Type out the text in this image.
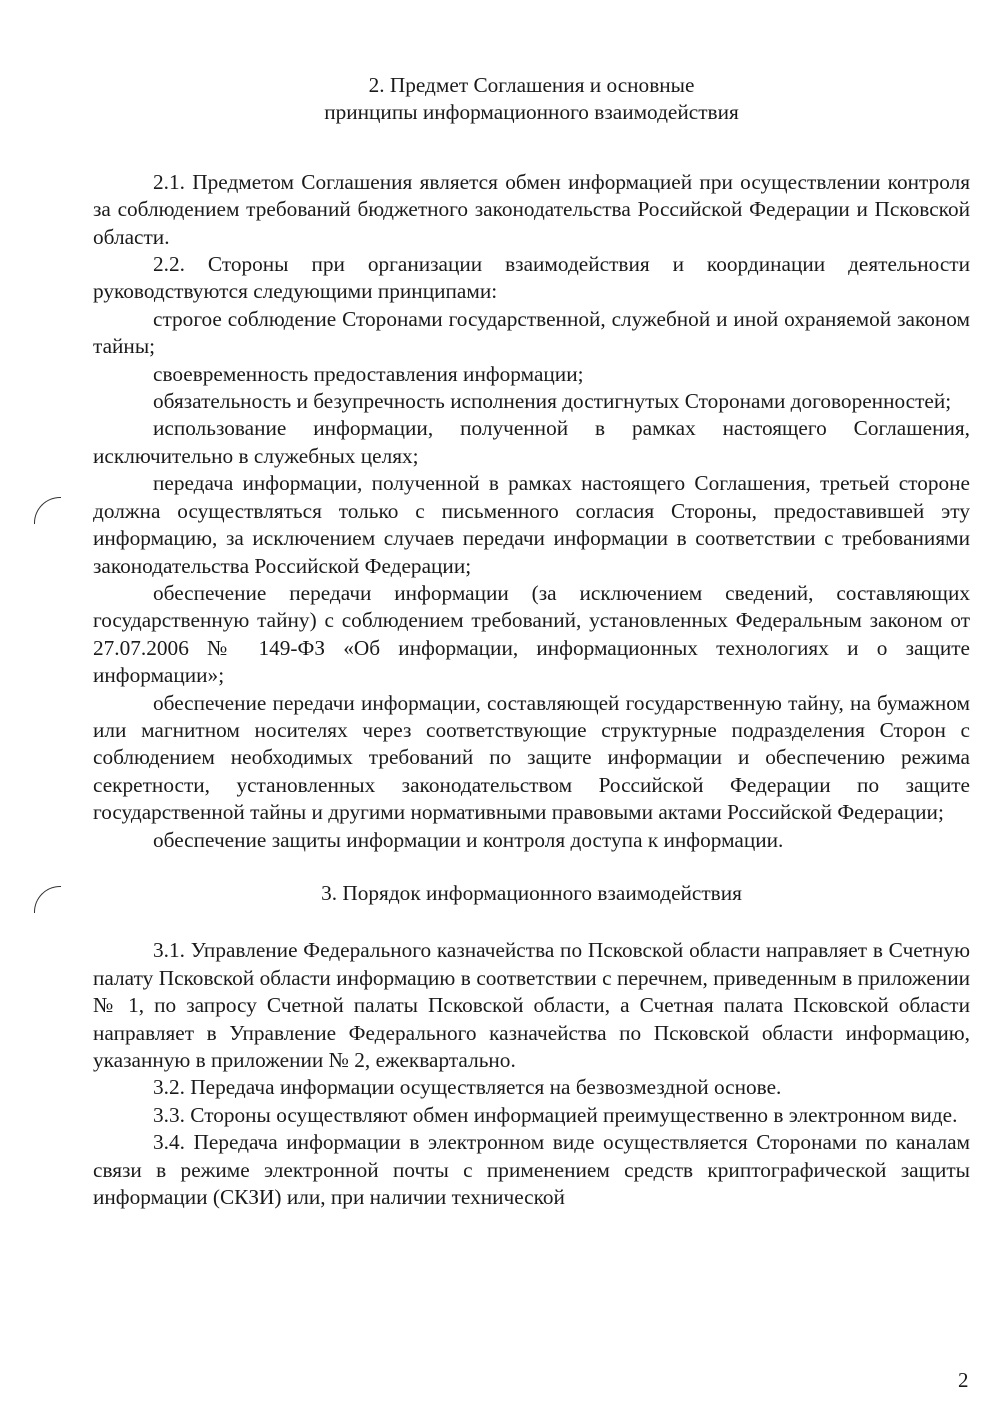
2. Предмет Соглашения и основные
принципы информационного взаимодействия

2.1. Предметом Соглашения является обмен информацией при осуществлении контроля за соблюдением требований бюджетного законодательства Российской Федерации и Псковской области.

2.2. Стороны при организации взаимодействия и координации деятельности руководствуются следующими принципами:

строгое соблюдение Сторонами государственной, служебной и иной охраняемой законом тайны;

своевременность предоставления информации;

обязательность и безупречность исполнения достигнутых Сторонами договоренностей;

использование информации, полученной в рамках настоящего Соглашения, исключительно в служебных целях;

передача информации, полученной в рамках настоящего Соглашения, третьей стороне должна осуществляться только с письменного согласия Стороны, предоставившей эту информацию, за исключением случаев передачи информации в соответствии с требованиями законодательства Российской Федерации;

обеспечение передачи информации (за исключением сведений, составляющих государственную тайну) с соблюдением требований, установленных Федеральным законом от 27.07.2006 № 149-ФЗ «Об информации, информационных технологиях и о защите информации»;

обеспечение передачи информации, составляющей государственную тайну, на бумажном или магнитном носителях через соответствующие структурные подразделения Сторон с соблюдением необходимых требований по защите информации и обеспечению режима секретности, установленных законодательством Российской Федерации по защите государственной тайны и другими нормативными правовыми актами Российской Федерации;

обеспечение защиты информации и контроля доступа к информации.

3. Порядок информационного взаимодействия

3.1. Управление Федерального казначейства по Псковской области направляет в Счетную палату Псковской области информацию в соответствии с перечнем, приведенным в приложении № 1, по запросу Счетной палаты Псковской области, а Счетная палата Псковской области направляет в Управление Федерального казначейства по Псковской области информацию, указанную в приложении № 2, ежеквартально.

3.2. Передача информации осуществляется на безвозмездной основе.

3.3. Стороны осуществляют обмен информацией преимущественно в электронном виде.

3.4. Передача информации в электронном виде осуществляется Сторонами по каналам связи в режиме электронной почты с применением средств криптографической защиты информации (СКЗИ) или, при наличии технической

2
